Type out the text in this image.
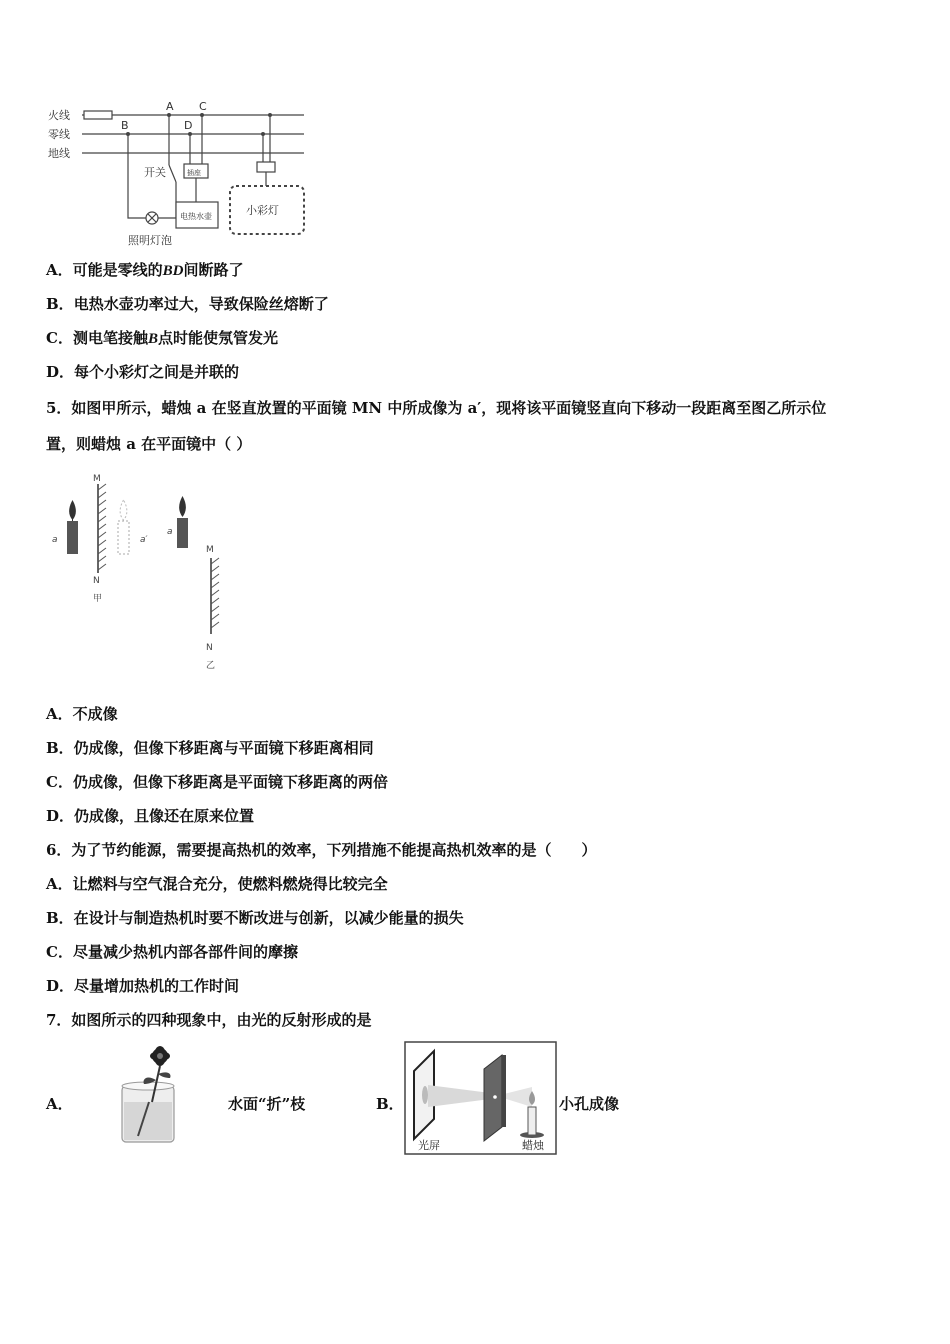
火线
零线
地线
A
B
C
D
开关	插座
电热水壶	小彩灯
照明灯泡
A．可能是零线的BD间断路了
B．电热水壶功率过大，导致保险丝熔断了
C．测电笔接触B点时能使氖管发光
D．每个小彩灯之间是并联的
5．如图甲所示，蜡烛 a 在竖直放置的平面镜 MN 中所成像为 a′，现将该平面镜竖直向下移动一段距离至图乙所示位
置，则蜡烛 a 在平面镜中（ ）
a	a′
M
N
甲
a
M
N
乙
A．不成像
B．仍成像，但像下移距离与平面镜下移距离相同
C．仍成像，但像下移距离是平面镜下移距离的两倍
D．仍成像，且像还在原来位置
6．为了节约能源，需要提高热机的效率，下列措施不能提高热机效率的是（　　）
A．让燃料与空气混合充分，使燃料燃烧得比较完全
B．在设计与制造热机时要不断改进与创新，以减少能量的损失
C．尽量减少热机内部各部件间的摩擦
D．尽量增加热机的工作时间
7．如图所示的四种现象中，由光的反射形成的是
A．	水面“折”枝	B．
光屏	蜡烛
小孔成像
